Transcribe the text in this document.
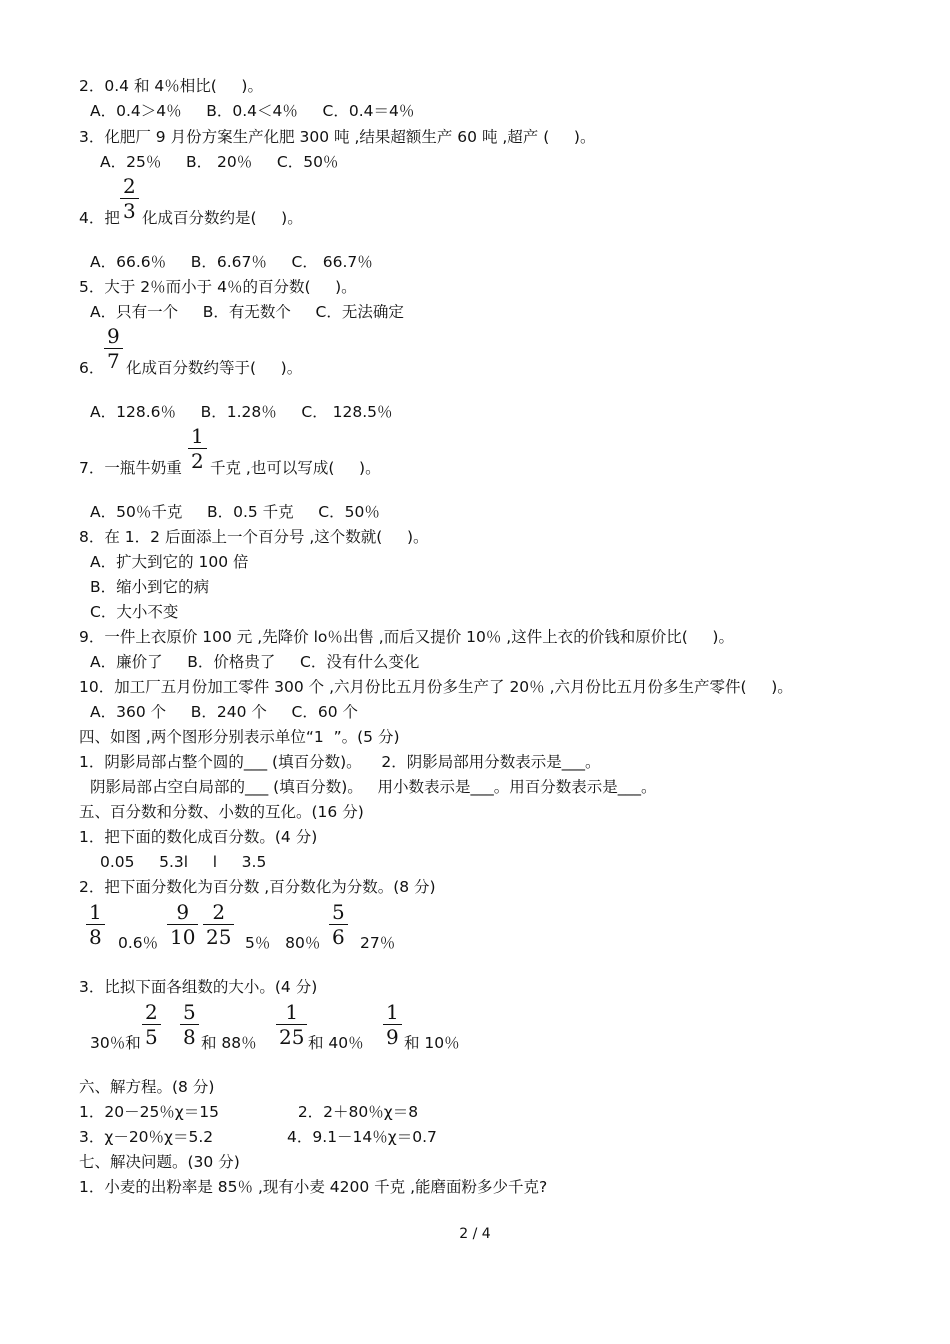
2．0.4 和 4％相比(     )。
A．0.4＞4％     B．0.4＜4％     C．0.4＝4％
3．化肥厂 9 月份方案生产化肥 300 吨 ,结果超额生产 60 吨 ,超产 (     )。
A．25％     B． 20％     C．50％
2
3
4．把 化成百分数约是(     )。
A．66.6％     B．6.67％     C． 66.7％
5．大于 2％而小于 4％的百分数(     )。
A．只有一个     B．有无数个     C．无法确定
9
7
6． 化成百分数约等于(     )。
A．128.6％     B．1.28％     C． 128.5％
1
2
7．一瓶牛奶重 千克 ,也可以写成(     )。
A．50％千克     B．0.5 千克     C．50％
8．在 1．2 后面添上一个百分号 ,这个数就(     )。
A．扩大到它的 100 倍
B．缩小到它的病
C．大小不变
9．一件上衣原价 100 元 ,先降价 lo％出售 ,而后又提价 10％ ,这件上衣的价钱和原价比(     )。
A．廉价了     B．价格贵了     C．没有什么变化
10．加工厂五月份加工零件 300 个 ,六月份比五月份多生产了 20％ ,六月份比五月份多生产零件(     )。
A．360 个     B．240 个     C．60 个
四、如图 ,两个图形分别表示单位“1  ”。(5 分)
1．阴影局部占整个圆的___ (填百分数)。    2．阴影局部用分数表示是___。
阴影局部占空白局部的___ (填百分数)。   用小数表示是___。用百分数表示是___。
五、百分数和分数、小数的互化。(16 分)
1．把下面的数化成百分数。(4 分)
0.05     5.3l     l     3.5
2．把下面分数化为百分数 ,百分数化为分数。(8 分)
1
8 0.6％
9
10
2
25 5％   80％
5
6 27％
3．比拟下面各组数的大小。(4 分)
30％和
2
5
5
8 和 88％
1
25 和 40％
1
9 和 10％
六、解方程。(8 分)
1．20－25％χ＝15                2．2＋80％χ＝8
3．χ－20％χ＝5.2               4．9.1－14％χ＝0.7
七、解决问题。(30 分)
1．小麦的出粉率是 85％ ,现有小麦 4200 千克 ,能磨面粉多少千克?
2 / 4
